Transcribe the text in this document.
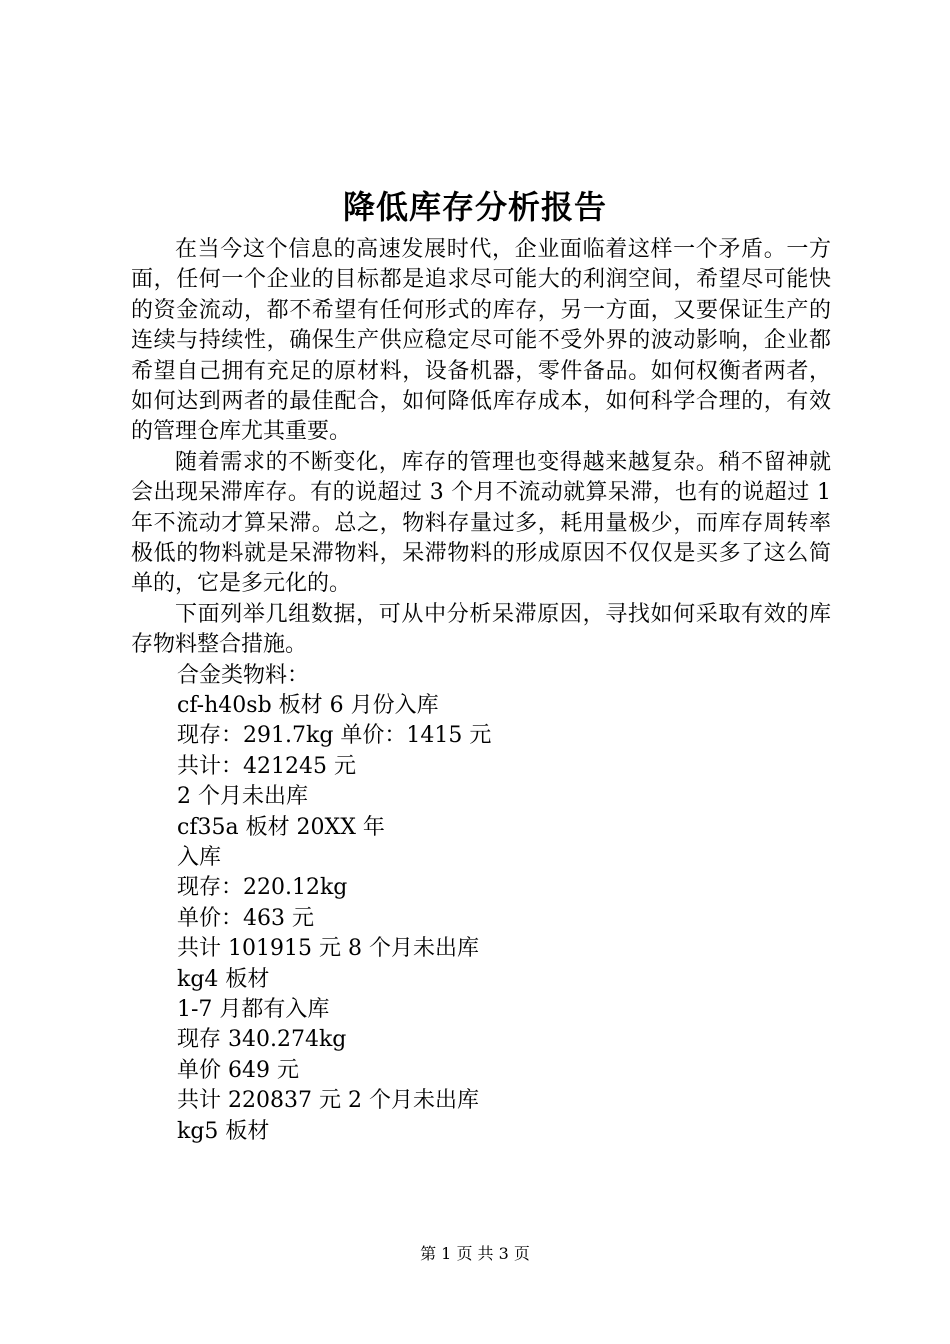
降低库存分析报告

在当今这个信息的高速发展时代，企业面临着这样一个矛盾。一方面，任何一个企业的目标都是追求尽可能大的利润空间，希望尽可能快的资金流动，都不希望有任何形式的库存，另一方面，又要保证生产的连续与持续性，确保生产供应稳定尽可能不受外界的波动影响，企业都希望自己拥有充足的原材料，设备机器，零件备品。如何权衡者两者，如何达到两者的最佳配合，如何降低库存成本，如何科学合理的，有效的管理仓库尤其重要。

随着需求的不断变化，库存的管理也变得越来越复杂。稍不留神就会出现呆滞库存。有的说超过 3 个月不流动就算呆滞，也有的说超过 1 年不流动才算呆滞。总之，物料存量过多，耗用量极少，而库存周转率极低的物料就是呆滞物料，呆滞物料的形成原因不仅仅是买多了这么简单的，它是多元化的。

下面列举几组数据，可从中分析呆滞原因，寻找如何采取有效的库存物料整合措施。

合金类物料：
cf-h40sb 板材 6 月份入库
现存：291.7kg 单价：1415 元
共计：421245 元
2 个月未出库
cf35a 板材 20XX 年
入库
现存：220.12kg
单价：463 元
共计 101915 元 8 个月未出库
kg4 板材
1-7 月都有入库
现存 340.274kg
单价 649 元
共计 220837 元 2 个月未出库
kg5 板材
第 1 页 共 3 页
